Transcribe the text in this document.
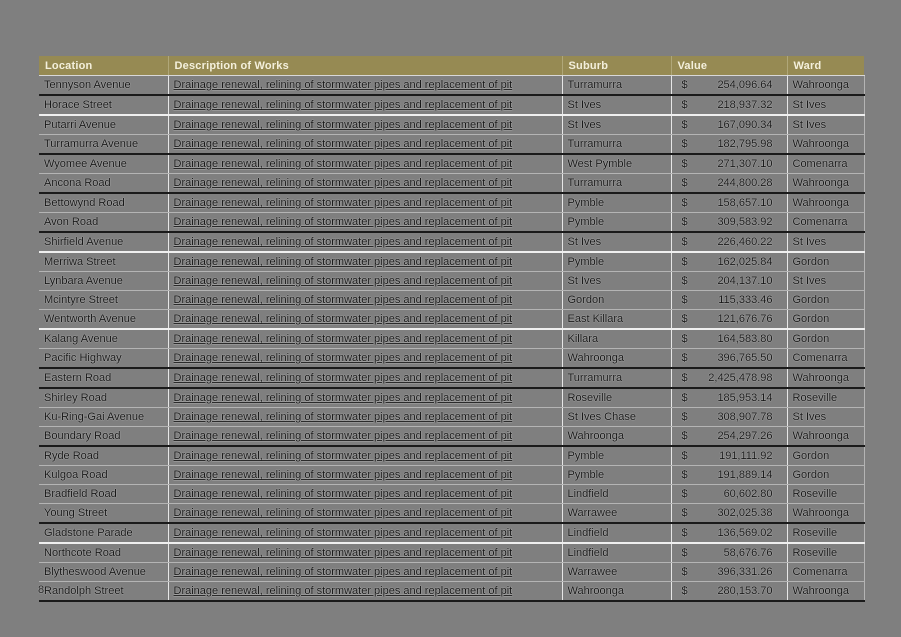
Location	Description of Works	Suburb	Value	Ward
Tennyson Avenue	Drainage renewal, relining of stormwater pipes and replacement of pit	Turramurra	$ 254,096.64	Wahroonga
Horace Street	Drainage renewal, relining of stormwater pipes and replacement of pit	St Ives	$ 218,937.32	St Ives
Putarri Avenue	Drainage renewal, relining of stormwater pipes and replacement of pit	St Ives	$ 167,090.34	St Ives
Turramurra Avenue	Drainage renewal, relining of stormwater pipes and replacement of pit	Turramurra	$ 182,795.98	Wahroonga
Wyomee Avenue	Drainage renewal, relining of stormwater pipes and replacement of pit	West Pymble	$ 271,307.10	Comenarra
Ancona Road	Drainage renewal, relining of stormwater pipes and replacement of pit	Turramurra	$ 244,800.28	Wahroonga
Bettowynd Road	Drainage renewal, relining of stormwater pipes and replacement of pit	Pymble	$ 158,657.10	Wahroonga
Avon Road	Drainage renewal, relining of stormwater pipes and replacement of pit	Pymble	$ 309,583.92	Comenarra
Shirfield Avenue	Drainage renewal, relining of stormwater pipes and replacement of pit	St Ives	$ 226,460.22	St Ives
Merriwa Street	Drainage renewal, relining of stormwater pipes and replacement of pit	Pymble	$ 162,025.84	Gordon
Lynbara Avenue	Drainage renewal, relining of stormwater pipes and replacement of pit	St Ives	$ 204,137.10	St Ives
Mcintyre Street	Drainage renewal, relining of stormwater pipes and replacement of pit	Gordon	$ 115,333.46	Gordon
Wentworth Avenue	Drainage renewal, relining of stormwater pipes and replacement of pit	East Killara	$ 121,676.76	Gordon
Kalang Avenue	Drainage renewal, relining of stormwater pipes and replacement of pit	Killara	$ 164,583.80	Gordon
Pacific Highway	Drainage renewal, relining of stormwater pipes and replacement of pit	Wahroonga	$ 396,765.50	Comenarra
Eastern Road	Drainage renewal, relining of stormwater pipes and replacement of pit	Turramurra	$ 2,425,478.98	Wahroonga
Shirley Road	Drainage renewal, relining of stormwater pipes and replacement of pit	Roseville	$ 185,953.14	Roseville
Ku-Ring-Gai Avenue	Drainage renewal, relining of stormwater pipes and replacement of pit	St Ives Chase	$ 308,907.78	St Ives
Boundary Road	Drainage renewal, relining of stormwater pipes and replacement of pit	Wahroonga	$ 254,297.26	Wahroonga
Ryde Road	Drainage renewal, relining of stormwater pipes and replacement of pit	Pymble	$ 191,111.92	Gordon
Kulgoa Road	Drainage renewal, relining of stormwater pipes and replacement of pit	Pymble	$ 191,889.14	Gordon
Bradfield Road	Drainage renewal, relining of stormwater pipes and replacement of pit	Lindfield	$ 60,602.80	Roseville
Young Street	Drainage renewal, relining of stormwater pipes and replacement of pit	Warrawee	$ 302,025.38	Wahroonga
Gladstone Parade	Drainage renewal, relining of stormwater pipes and replacement of pit	Lindfield	$ 136,569.02	Roseville
Northcote Road	Drainage renewal, relining of stormwater pipes and replacement of pit	Lindfield	$ 58,676.76	Roseville
Blytheswood Avenue	Drainage renewal, relining of stormwater pipes and replacement of pit	Warrawee	$ 396,331.26	Comenarra
Randolph Street	Drainage renewal, relining of stormwater pipes and replacement of pit	Wahroonga	$ 280,153.70	Wahroonga
8
